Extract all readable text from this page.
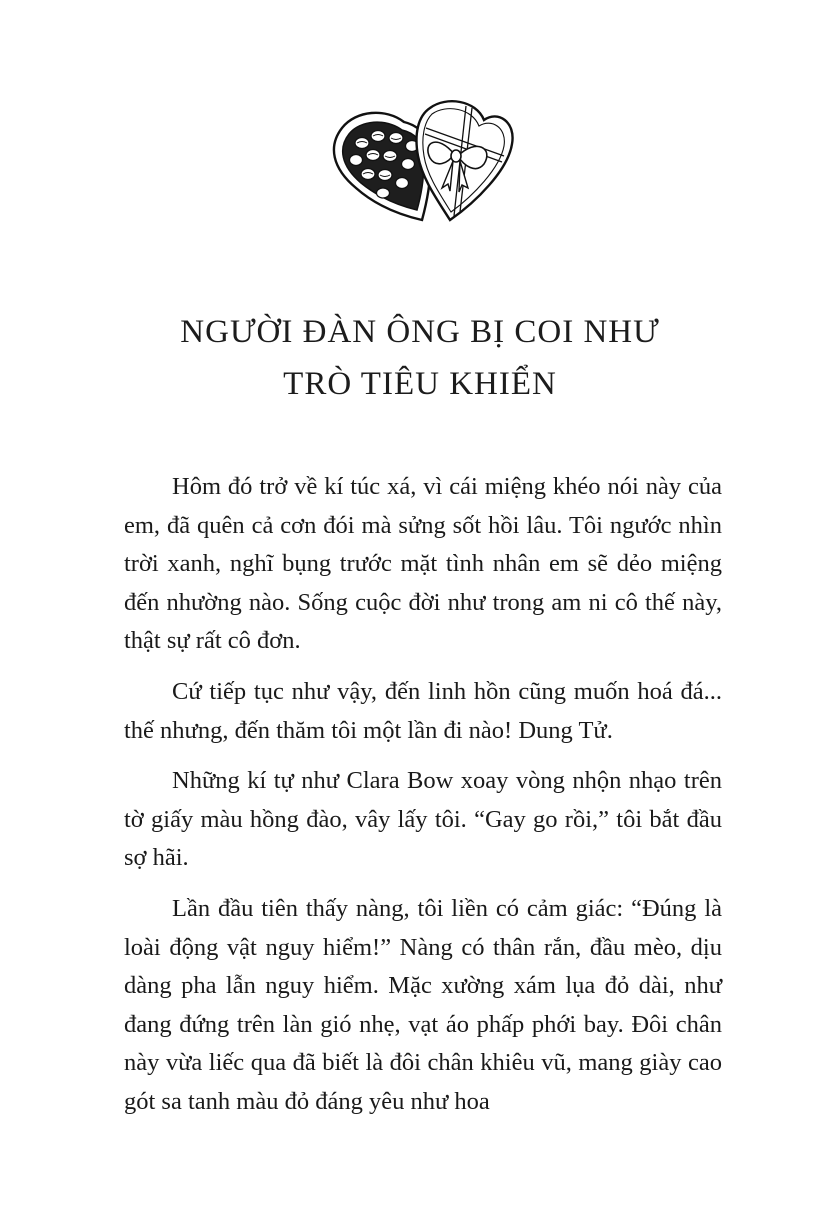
NGƯỜI ĐÀN ÔNG BỊ COI NHƯ
TRÒ TIÊU KHIỂN

Hôm đó trở về kí túc xá, vì cái miệng khéo nói này của em, đã quên cả cơn đói mà sửng sốt hồi lâu. Tôi ngước nhìn trời xanh, nghĩ bụng trước mặt tình nhân em sẽ dẻo miệng đến nhường nào. Sống cuộc đời như trong am ni cô thế này, thật sự rất cô đơn.

Cứ tiếp tục như vậy, đến linh hồn cũng muốn hoá đá... thế nhưng, đến thăm tôi một lần đi nào! Dung Tử.

Những kí tự như Clara Bow xoay vòng nhộn nhạo trên tờ giấy màu hồng đào, vây lấy tôi. “Gay go rồi,” tôi bắt đầu sợ hãi.

Lần đầu tiên thấy nàng, tôi liền có cảm giác: “Đúng là loài động vật nguy hiểm!” Nàng có thân rắn, đầu mèo, dịu dàng pha lẫn nguy hiểm. Mặc xường xám lụa đỏ dài, như đang đứng trên làn gió nhẹ, vạt áo phấp phới bay. Đôi chân này vừa liếc qua đã biết là đôi chân khiêu vũ, mang giày cao gót sa tanh màu đỏ đáng yêu như hoa
